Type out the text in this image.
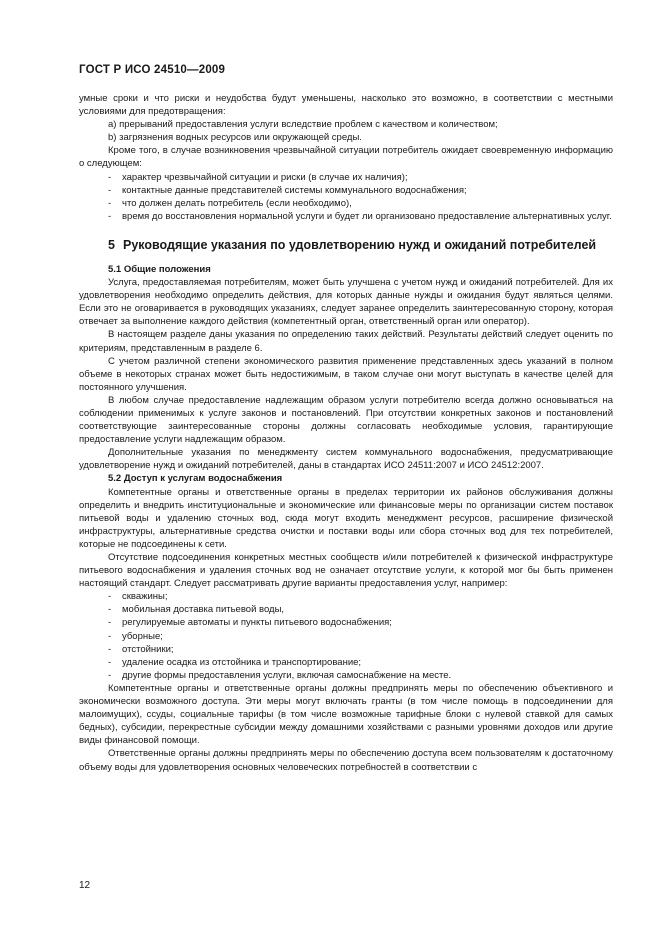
ГОСТ Р ИСО 24510—2009

умные сроки и что риски и неудобства будут уменьшены, насколько это возможно, в соответствии с местными условиями для предотвращения:

a) прерываний предоставления услуги вследствие проблем с качеством и количеством;

b) загрязнения водных ресурсов или окружающей среды.

Кроме того, в случае возникновения чрезвычайной ситуации потребитель ожидает своевременную информацию о следующем:

- характер чрезвычайной ситуации и риски (в случае их наличия);

- контактные данные представителей системы коммунального водоснабжения;

- что должен делать потребитель (если необходимо),

- время до восстановления нормальной услуги и будет ли организовано предоставление альтернативных услуг.

5 Руководящие указания по удовлетворению нужд и ожиданий потребителей

5.1 Общие положения

Услуга, предоставляемая потребителям, может быть улучшена с учетом нужд и ожиданий потребителей. Для их удовлетворения необходимо определить действия, для которых данные нужды и ожидания будут являться целями. Если это не оговаривается в руководящих указаниях, следует заранее определить заинтересованную сторону, которая отвечает за выполнение каждого действия (компетентный орган, ответственный орган или оператор).

В настоящем разделе даны указания по определению таких действий. Результаты действий следует оценить по критериям, представленным в разделе 6.

С учетом различной степени экономического развития применение представленных здесь указаний в полном объеме в некоторых странах может быть недостижимым, в таком случае они могут выступать в качестве целей для постоянного улучшения.

В любом случае предоставление надлежащим образом услуги потребителю всегда должно основываться на соблюдении применимых к услуге законов и постановлений. При отсутствии конкретных законов и постановлений соответствующие заинтересованные стороны должны согласовать необходимые условия, гарантирующие предоставление услуги надлежащим образом.

Дополнительные указания по менеджменту систем коммунального водоснабжения, предусматривающие удовлетворение нужд и ожиданий потребителей, даны в стандартах ИСО 24511:2007 и ИСО 24512:2007.

5.2 Доступ к услугам водоснабжения

Компетентные органы и ответственные органы в пределах территории их районов обслуживания должны определить и внедрить институциональные и экономические или финансовые меры по организации систем поставок питьевой воды и удалению сточных вод, сюда могут входить менеджмент ресурсов, расширение физической инфраструктуры, альтернативные средства очистки и поставки воды или сбора сточных вод для тех потребителей, которые не подсоединены к сети.

Отсутствие подсоединения конкретных местных сообществ и/или потребителей к физической инфраструктуре питьевого водоснабжения и удаления сточных вод не означает отсутствие услуги, к которой мог бы быть применен настоящий стандарт. Следует рассматривать другие варианты предоставления услуг, например:

- скважины;

- мобильная доставка питьевой воды,

- регулируемые автоматы и пункты питьевого водоснабжения;

- уборные;

- отстойники;

- удаление осадка из отстойника и транспортирование;

- другие формы предоставления услуги, включая самоснабжение на месте.

Компетентные органы и ответственные органы должны предпринять меры по обеспечению объективного и экономически возможного доступа. Эти меры могут включать гранты (в том числе помощь в подсоединении для малоимущих), ссуды, социальные тарифы (в том числе возможные тарифные блоки с нулевой ставкой для самых бедных), субсидии, перекрестные субсидии между домашними хозяйствами с разными уровнями доходов или другие виды финансовой помощи.

Ответственные органы должны предпринять меры по обеспечению доступа всем пользователям к достаточному объему воды для удовлетворения основных человеческих потребностей в соответствии с

12
